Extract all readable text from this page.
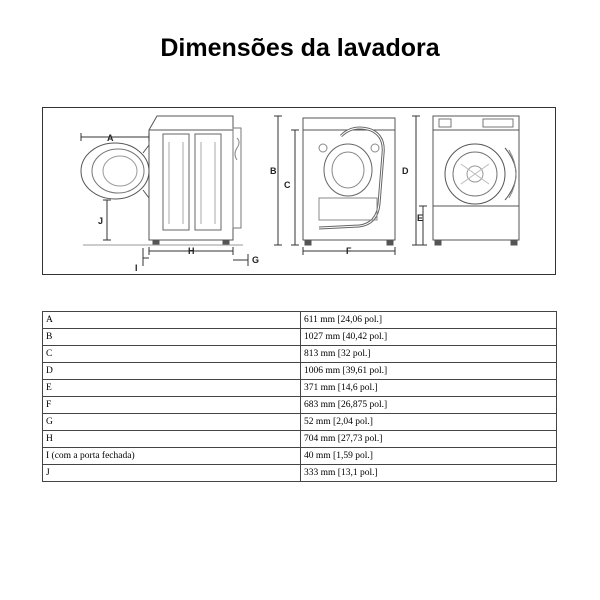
Dimensões da lavadora
A
B
C
D
E
F
G
H
I
J
A	611 mm [24,06 pol.]
B	1027 mm [40,42 pol.]
C	813 mm [32 pol.]
D	1006 mm [39,61 pol.]
E	371 mm [14,6 pol.]
F	683 mm [26,875 pol.]
G	52 mm [2,04 pol.]
H	704 mm [27,73 pol.]
I (com a porta fechada)	40 mm [1,59 pol.]
J	333 mm [13,1 pol.]
